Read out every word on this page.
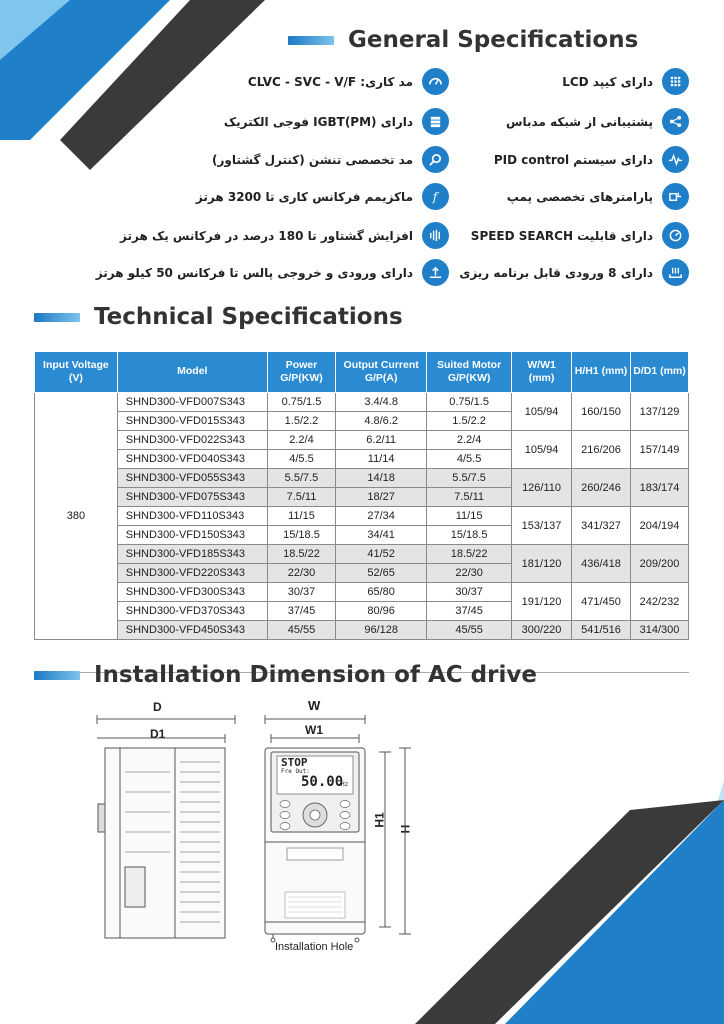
General Specifications
مد کاری: CLVC - SVC - V/F
دارای IGBT(PM) فوجی الکتریک
مد تخصصی تنشن (کنترل گشتاور)
ماکزیمم فرکانس کاری تا 3200 هرتز f
افزایش گشتاور تا 180 درصد در فرکانس یک هرتز
دارای ورودی و خروجی پالس تا فرکانس 50 کیلو هرتز
دارای کیپد LCD
پشتیبانی از شبکه مدباس
دارای سیستم PID control
پارامترهای تخصصی پمپ
دارای قابلیت SPEED SEARCH
دارای 8 ورودی قابل برنامه ریزی
Technical Specifications
Input Voltage (V)	Model	Power G/P(KW)	Output Current G/P(A)	Suited Motor G/P(KW)	W/W1 (mm)	H/H1 (mm)	D/D1 (mm)
380	SHND300-VFD007S343	0.75/1.5	3.4/4.8	0.75/1.5	105/94	160/150	137/129
	SHND300-VFD015S343	1.5/2.2	4.8/6.2	1.5/2.2			
	SHND300-VFD022S343	2.2/4	6.2/11	2.2/4	105/94	216/206	157/149
	SHND300-VFD040S343	4/5.5	11/14	4/5.5			
	SHND300-VFD055S343	5.5/7.5	14/18	5.5/7.5	126/110	260/246	183/174
	SHND300-VFD075S343	7.5/11	18/27	7.5/11			
	SHND300-VFD110S343	11/15	27/34	11/15	153/137	341/327	204/194
	SHND300-VFD150S343	15/18.5	34/41	15/18.5			
	SHND300-VFD185S343	18.5/22	41/52	18.5/22	181/120	436/418	209/200
	SHND300-VFD220S343	22/30	52/65	22/30			
	SHND300-VFD300S343	30/37	65/80	30/37	191/120	471/450	242/232
	SHND300-VFD370S343	37/45	80/96	37/45			
	SHND300-VFD450S343	45/55	96/128	45/55	300/220	541/516	314/300
Installation Dimension of AC drive
D
D1
W
W1
H1
H
Installation Hole
STOP
Fre Out:
50.00
Hz
